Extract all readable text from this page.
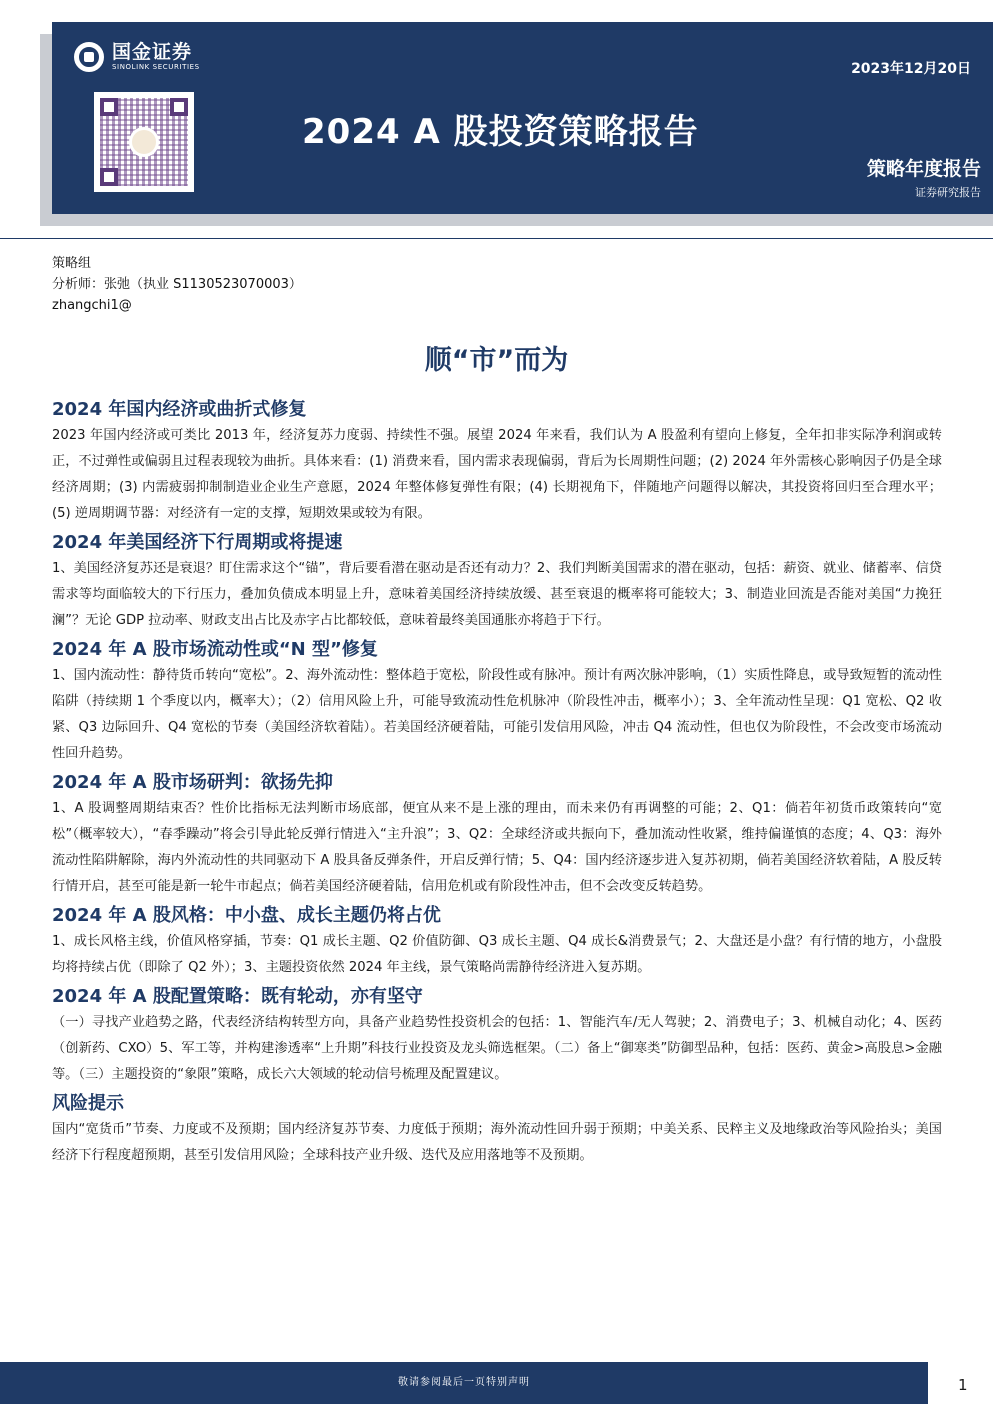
国金证券
SINOLINK SECURITIES	2023年12月20日
2024 A 股投资策略报告
策略年度报告
证券研究报告
策略组
分析师：张弛（执业 S1130523070003）
zhangchi1@
顺“市”而为
2024 年国内经济或曲折式修复
2023 年国内经济或可类比 2013 年，经济复苏力度弱、持续性不强。展望 2024 年来看，我们认为 A 股盈利有望向上修复，全年扣非实际净利润或转正，不过弹性或偏弱且过程表现较为曲折。具体来看：(1) 消费来看，国内需求表现偏弱，背后为长周期性问题；(2) 2024 年外需核心影响因子仍是全球经济周期；(3) 内需疲弱抑制制造业企业生产意愿，2024 年整体修复弹性有限；(4) 长期视角下，伴随地产问题得以解决，其投资将回归至合理水平；(5) 逆周期调节器：对经济有一定的支撑，短期效果或较为有限。
2024 年美国经济下行周期或将提速
1、美国经济复苏还是衰退？盯住需求这个“锚”，背后要看潜在驱动是否还有动力？2、我们判断美国需求的潜在驱动，包括：薪资、就业、储蓄率、信贷需求等均面临较大的下行压力，叠加负债成本明显上升，意味着美国经济持续放缓、甚至衰退的概率将可能较大；3、制造业回流是否能对美国“力挽狂澜”？无论 GDP 拉动率、财政支出占比及赤字占比都较低，意味着最终美国通胀亦将趋于下行。
2024 年 A 股市场流动性或“N 型”修复
1、国内流动性：静待货币转向“宽松”。2、海外流动性：整体趋于宽松，阶段性或有脉冲。预计有两次脉冲影响，（1）实质性降息，或导致短暂的流动性陷阱（持续期 1 个季度以内，概率大）；（2）信用风险上升，可能导致流动性危机脉冲（阶段性冲击，概率小）；3、全年流动性呈现：Q1 宽松、Q2 收紧、Q3 边际回升、Q4 宽松的节奏（美国经济软着陆）。若美国经济硬着陆，可能引发信用风险，冲击 Q4 流动性，但也仅为阶段性，不会改变市场流动性回升趋势。
2024 年 A 股市场研判：欲扬先抑
1、A 股调整周期结束否？性价比指标无法判断市场底部，便宜从来不是上涨的理由，而未来仍有再调整的可能；2、Q1：倘若年初货币政策转向“宽松”（概率较大），“春季躁动”将会引导此轮反弹行情进入“主升浪”；3、Q2：全球经济或共振向下，叠加流动性收紧，维持偏谨慎的态度；4、Q3：海外流动性陷阱解除，海内外流动性的共同驱动下 A 股具备反弹条件，开启反弹行情；5、Q4：国内经济逐步进入复苏初期，倘若美国经济软着陆，A 股反转行情开启，甚至可能是新一轮牛市起点；倘若美国经济硬着陆，信用危机或有阶段性冲击，但不会改变反转趋势。
2024 年 A 股风格：中小盘、成长主题仍将占优
1、成长风格主线，价值风格穿插，节奏：Q1 成长主题、Q2 价值防御、Q3 成长主题、Q4 成长&消费景气；2、大盘还是小盘？有行情的地方，小盘股均将持续占优（即除了 Q2 外）；3、主题投资依然 2024 年主线，景气策略尚需静待经济进入复苏期。
2024 年 A 股配置策略：既有轮动，亦有坚守
（一）寻找产业趋势之路，代表经济结构转型方向，具备产业趋势性投资机会的包括：1、智能汽车/无人驾驶；2、消费电子；3、机械自动化；4、医药（创新药、CXO）5、军工等，并构建渗透率“上升期”科技行业投资及龙头筛选框架。（二）备上“御寒类”防御型品种，包括：医药、黄金>高股息>金融等。（三）主题投资的“象限”策略，成长六大领域的轮动信号梳理及配置建议。
风险提示
国内“宽货币”节奏、力度或不及预期；国内经济复苏节奏、力度低于预期；海外流动性回升弱于预期；中美关系、民粹主义及地缘政治等风险抬头；美国经济下行程度超预期，甚至引发信用风险；全球科技产业升级、迭代及应用落地等不及预期。
敬请参阅最后一页特别声明	1
